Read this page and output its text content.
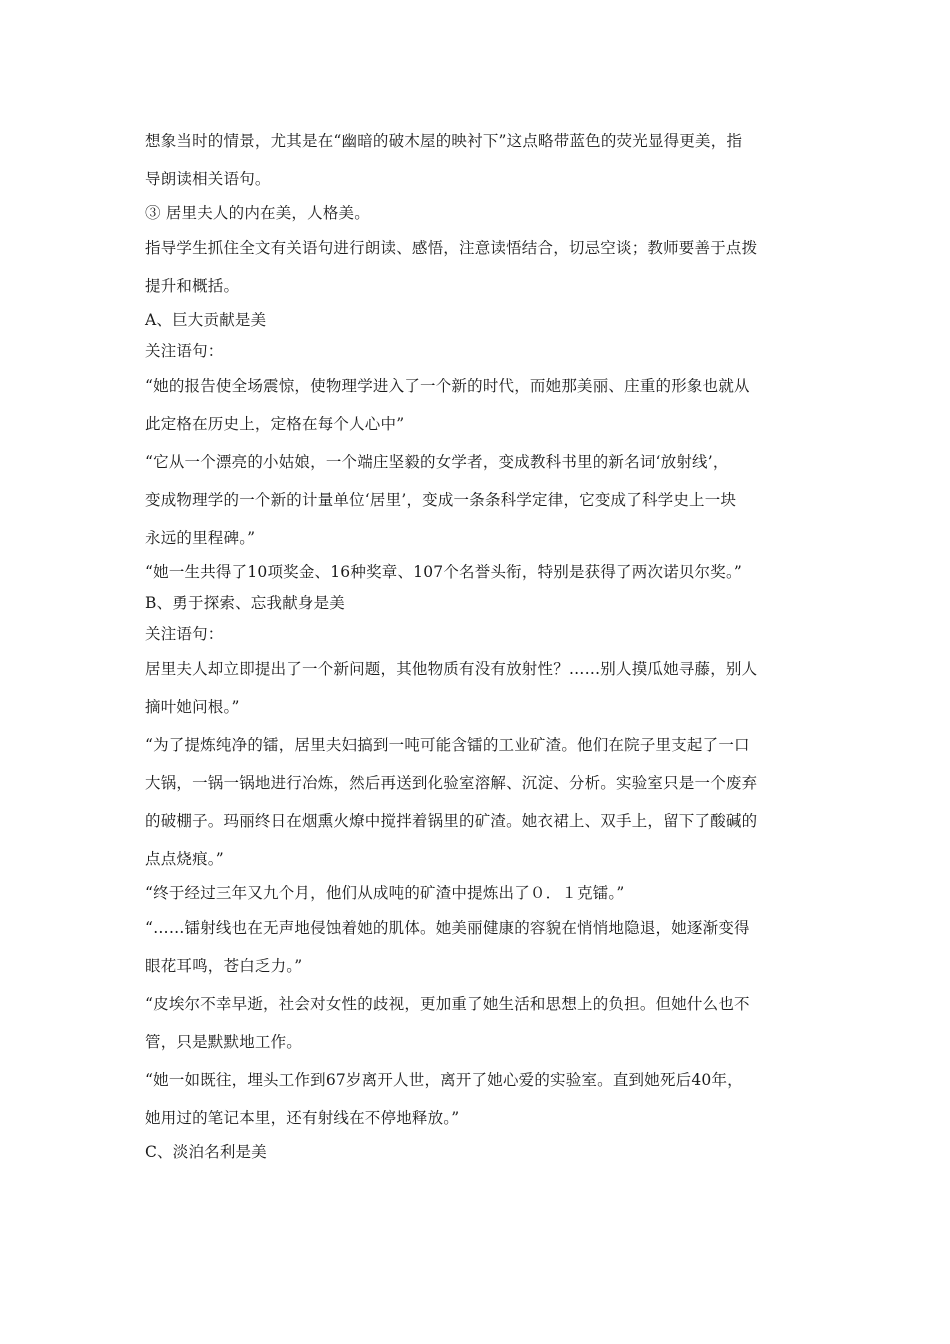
想象当时的情景，尤其是在“幽暗的破木屋的映衬下”这点略带蓝色的荧光显得更美，指

导朗读相关语句。

③ 居里夫人的内在美，人格美。

指导学生抓住全文有关语句进行朗读、感悟，注意读悟结合，切忌空谈；教师要善于点拨

提升和概括。

A、巨大贡献是美

关注语句：

“她的报告使全场震惊，使物理学进入了一个新的时代，而她那美丽、庄重的形象也就从

此定格在历史上，定格在每个人心中”

“它从一个漂亮的小姑娘，一个端庄坚毅的女学者，变成教科书里的新名词‘放射线’，

变成物理学的一个新的计量单位‘居里’，变成一条条科学定律，它变成了科学史上一块

永远的里程碑。”

“她一生共得了10项奖金、16种奖章、107个名誉头衔，特别是获得了两次诺贝尔奖。”

B、勇于探索、忘我献身是美

关注语句：

居里夫人却立即提出了一个新问题，其他物质有没有放射性？……别人摸瓜她寻藤，别人

摘叶她问根。”

“为了提炼纯净的镭，居里夫妇搞到一吨可能含镭的工业矿渣。他们在院子里支起了一口

大锅，一锅一锅地进行冶炼，然后再送到化验室溶解、沉淀、分析。实验室只是一个废弃

的破棚子。玛丽终日在烟熏火燎中搅拌着锅里的矿渣。她衣裙上、双手上，留下了酸碱的

点点烧痕。”

“终于经过三年又九个月，他们从成吨的矿渣中提炼出了０．１克镭。”

“……镭射线也在无声地侵蚀着她的肌体。她美丽健康的容貌在悄悄地隐退，她逐渐变得

眼花耳鸣，苍白乏力。”

“皮埃尔不幸早逝，社会对女性的歧视，更加重了她生活和思想上的负担。但她什么也不

管，只是默默地工作。

“她一如既往，埋头工作到67岁离开人世，离开了她心爱的实验室。直到她死后40年，

她用过的笔记本里，还有射线在不停地释放。”

C、淡泊名利是美
